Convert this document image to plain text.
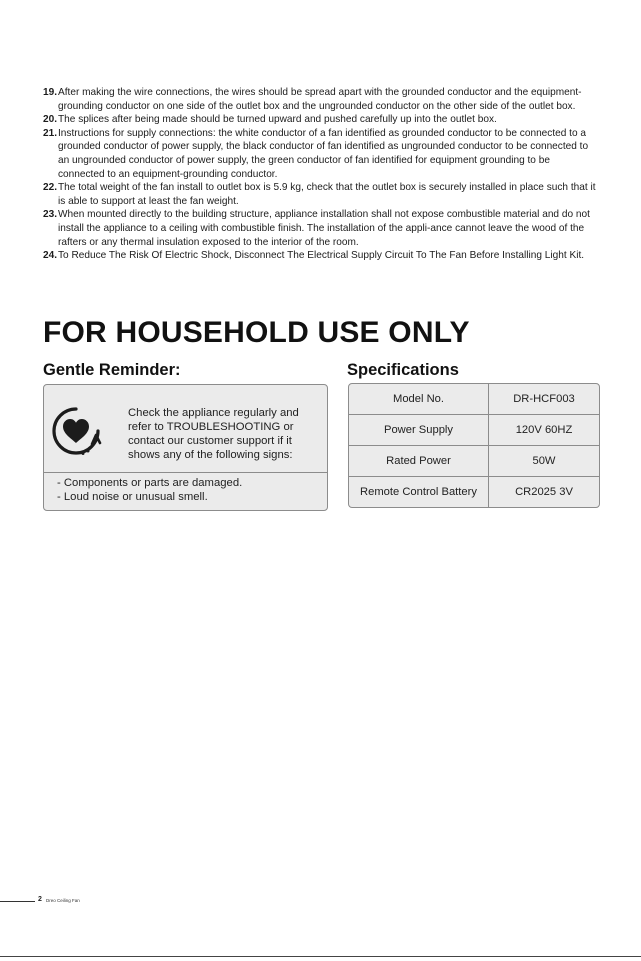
19. After making the wire connections, the wires should be spread apart with the grounded conductor and the equipment-grounding conductor on one side of the outlet box and the ungrounded conductor on the other side of the outlet box.
20. The splices after being made should be turned upward and pushed carefully up into the outlet box.
21. Instructions for supply connections: the white conductor of a fan identified as grounded conductor to be connected to a grounded conductor of power supply, the black conductor of fan identified as ungrounded conductor to be connected to an ungrounded conductor of power supply, the green conductor of fan identified for equipment grounding to be connected to an equipment-grounding conductor.
22. The total weight of the fan install to outlet box is 5.9 kg, check that the outlet box is securely installed in place such that it is able to support at least the fan weight.
23. When mounted directly to the building structure, appliance installation shall not expose combustible material and do not install the appliance to a ceiling with combustible finish. The installation of the appli-ance cannot leave the wood of the rafters or any thermal insulation exposed to the interior of the room.
24. To Reduce The Risk Of Electric Shock, Disconnect The Electrical Supply Circuit To The Fan Before Installing Light Kit.
FOR HOUSEHOLD USE ONLY
Gentle Reminder:	Specifications
Check the appliance regularly and refer to TROUBLESHOOTING or contact our customer support if it shows any of the following signs:
- Components or parts are damaged.
- Loud noise or unusual smell.
Model No.	DR-HCF003
Power Supply	120V 60HZ
Rated Power	50W
Remote Control Battery	CR2025 3V
2 Dreo Ceiling Fan
